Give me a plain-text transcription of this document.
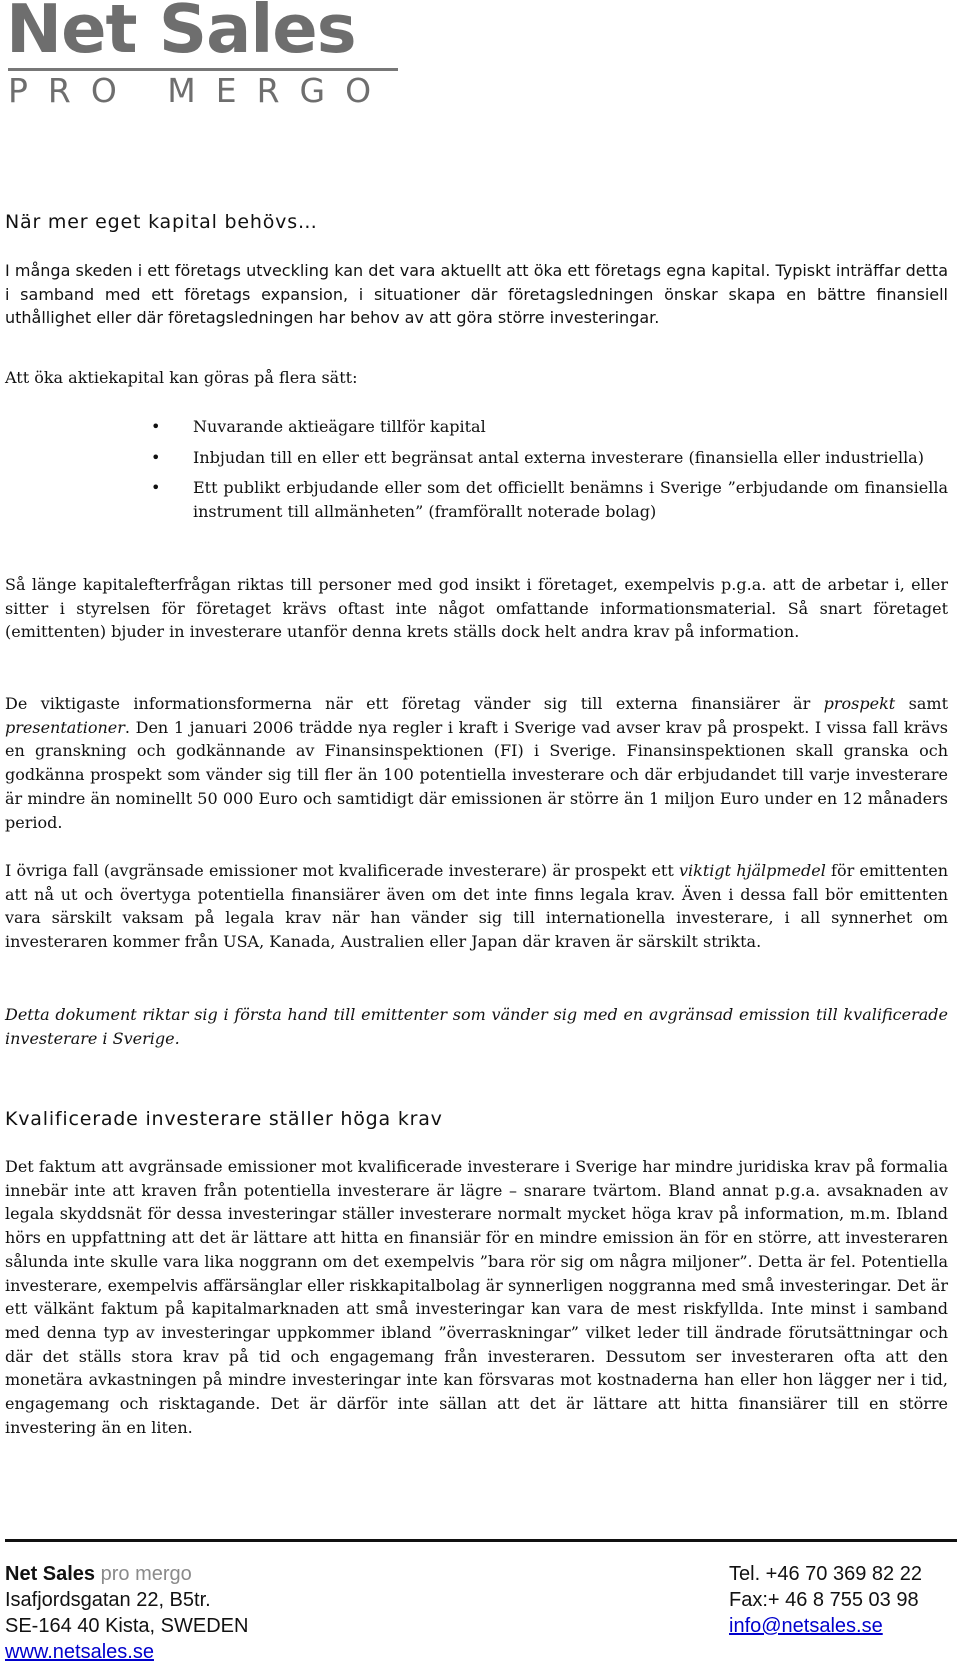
Net Sales
PRO MERGO
När mer eget kapital behövs…

I många skeden i ett företags utveckling kan det vara aktuellt att öka ett företags egna kapital. Typiskt inträffar detta i samband med ett företags expansion, i situationer där företagsledningen önskar skapa en bättre finansiell uthållighet eller där företagsledningen har behov av att göra större investeringar.

Att öka aktiekapital kan göras på flera sätt:

• Nuvarande aktieägare tillför kapital
• Inbjudan till en eller ett begränsat antal externa investerare (finansiella eller industriella)
• Ett publikt erbjudande eller som det officiellt benämns i Sverige ”erbjudande om finansiella instrument till allmänheten” (framförallt noterade bolag)

Så länge kapitalefterfrågan riktas till personer med god insikt i företaget, exempelvis p.g.a. att de arbetar i, eller sitter i styrelsen för företaget krävs oftast inte något omfattande informationsmaterial. Så snart företaget (emittenten) bjuder in investerare utanför denna krets ställs dock helt andra krav på information.

De viktigaste informationsformerna när ett företag vänder sig till externa finansiärer är prospekt samt presentationer. Den 1 januari 2006 trädde nya regler i kraft i Sverige vad avser krav på prospekt. I vissa fall krävs en granskning och godkännande av Finansinspektionen (FI) i Sverige. Finansinspektionen skall granska och godkänna prospekt som vänder sig till fler än 100 potentiella investerare och där erbjudandet till varje investerare är mindre än nominellt 50 000 Euro och samtidigt där emissionen är större än 1 miljon Euro under en 12 månaders period.

I övriga fall (avgränsade emissioner mot kvalificerade investerare) är prospekt ett viktigt hjälpmedel för emittenten att nå ut och övertyga potentiella finansiärer även om det inte finns legala krav. Även i dessa fall bör emittenten vara särskilt vaksam på legala krav när han vänder sig till internationella investerare, i all synnerhet om investeraren kommer från USA, Kanada, Australien eller Japan där kraven är särskilt strikta.

Detta dokument riktar sig i första hand till emittenter som vänder sig med en avgränsad emission till kvalificerade investerare i Sverige.

Kvalificerade investerare ställer höga krav

Det faktum att avgränsade emissioner mot kvalificerade investerare i Sverige har mindre juridiska krav på formalia innebär inte att kraven från potentiella investerare är lägre – snarare tvärtom. Bland annat p.g.a. avsaknaden av legala skyddsnät för dessa investeringar ställer investerare normalt mycket höga krav på information, m.m. Ibland hörs en uppfattning att det är lättare att hitta en finansiär för en mindre emission än för en större, att investeraren sålunda inte skulle vara lika noggrann om det exempelvis ”bara rör sig om några miljoner”. Detta är fel. Potentiella investerare, exempelvis affärsänglar eller riskkapitalbolag är synnerligen noggranna med små investeringar. Det är ett välkänt faktum på kapitalmarknaden att små investeringar kan vara de mest riskfyllda. Inte minst i samband med denna typ av investeringar uppkommer ibland ”överraskningar” vilket leder till ändrade förutsättningar och där det ställs stora krav på tid och engagemang från investeraren. Dessutom ser investeraren ofta att den monetära avkastningen på mindre investeringar inte kan försvaras mot kostnaderna han eller hon lägger ner i tid, engagemang och risktagande. Det är därför inte sällan att det är lättare att hitta finansiärer till en större investering än en liten.

Net Sales pro mergo
Isafjordsgatan 22, B5tr.
SE-164 40 Kista, SWEDEN
www.netsales.se
Tel. +46 70 369 82 22
Fax:+ 46 8 755 03 98
info@netsales.se
